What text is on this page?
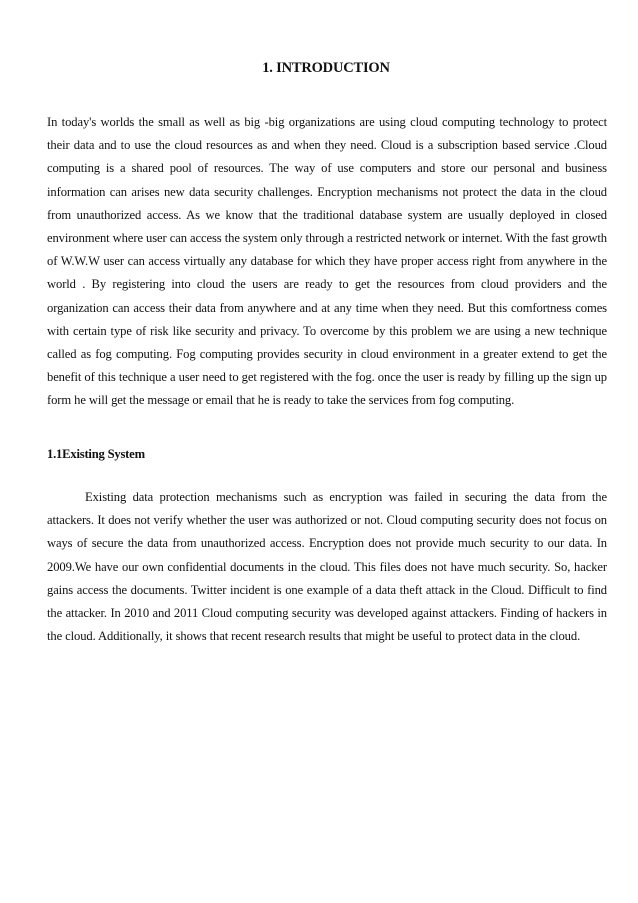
1. INTRODUCTION

In today's worlds the small as well as big -big organizations are using cloud computing technology to protect their data and to use the cloud resources as and when they need. Cloud is a subscription based service .Cloud computing is a shared pool of resources. The way of use computers and store our personal and business information can arises new data security challenges. Encryption mechanisms not protect the data in the cloud from unauthorized access. As we know that the traditional database system are usually deployed in closed environment where user can access the system only through a restricted network or internet. With the fast growth of W.W.W user can access virtually any database for which they have proper access right from anywhere in the world . By registering into cloud the users are ready to get the resources from cloud providers and the organization can access their data from anywhere and at any time when they need. But this comfortness comes with certain type of risk like security and privacy. To overcome by this problem we are using a new technique called as fog computing. Fog computing provides security in cloud environment in a greater extend to get the benefit of this technique a user need to get registered with the fog. once the user is ready by filling up the sign up form he will get the message or email that he is ready to take the services from fog computing.

1.1Existing System

Existing data protection mechanisms such as encryption was failed in securing the data from the attackers. It does not verify whether the user was authorized or not. Cloud computing security does not focus on ways of secure the data from unauthorized access. Encryption does not provide much security to our data. In 2009.We have our own confidential documents in the cloud. This files does not have much security. So, hacker gains access the documents. Twitter incident is one example of a data theft attack in the Cloud. Difficult to find the attacker. In 2010 and 2011 Cloud computing security was developed against attackers. Finding of hackers in the cloud. Additionally, it shows that recent research results that might be useful to protect data in the cloud.
